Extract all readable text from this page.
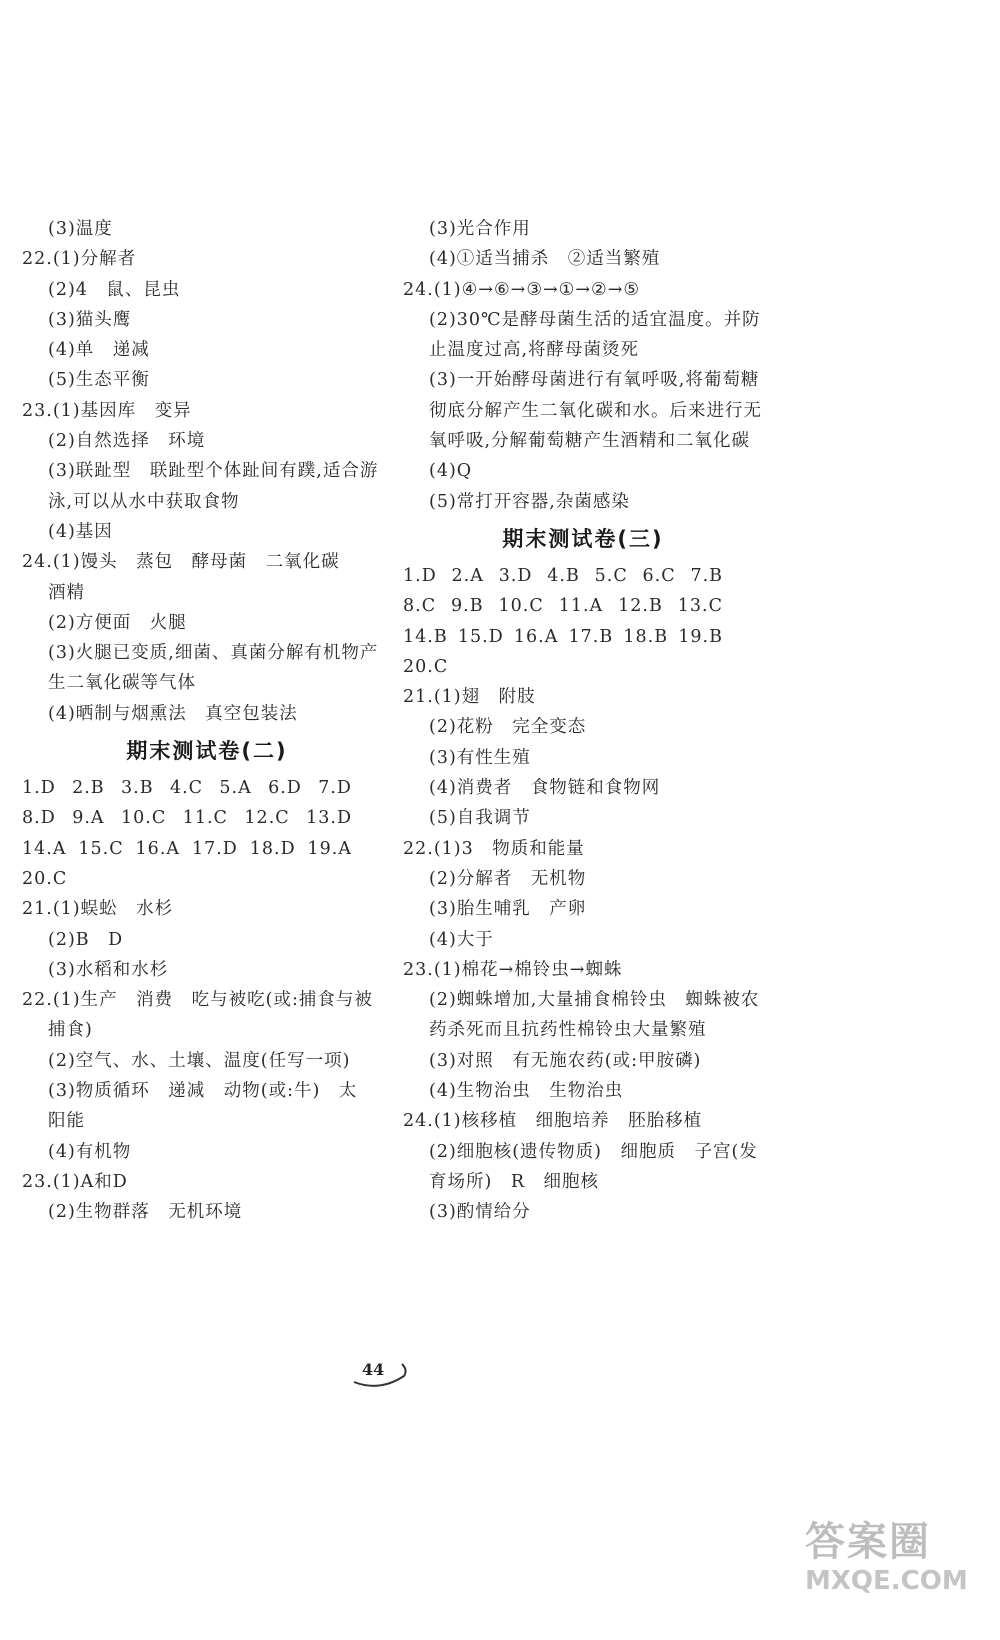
(3)温度
22.(1)分解者
(2)4　鼠、昆虫
(3)猫头鹰
(4)单　递减
(5)生态平衡
23.(1)基因库　变异
(2)自然选择　环境
(3)联趾型　联趾型个体趾间有蹼,适合游
泳,可以从水中获取食物
(4)基因
24.(1)馒头　蒸包　酵母菌　二氧化碳
酒精
(2)方便面　火腿
(3)火腿已变质,细菌、真菌分解有机物产
生二氧化碳等气体
(4)晒制与烟熏法　真空包装法
期末测试卷(二)
1.D 2.B 3.B 4.C 5.A 6.D 7.D
8.D 9.A 10.C 11.C 12.C 13.D
14.A 15.C 16.A 17.D 18.D 19.A
20.C
21.(1)蜈蚣　水杉
(2)B　D
(3)水稻和水杉
22.(1)生产　消费　吃与被吃(或:捕食与被
捕食)
(2)空气、水、土壤、温度(任写一项)
(3)物质循环　递减　动物(或:牛)　太
阳能
(4)有机物
23.(1)A和D
(2)生物群落　无机环境
(3)光合作用
(4)①适当捕杀　②适当繁殖
24.(1)④→⑥→③→①→②→⑤
(2)30℃是酵母菌生活的适宜温度。并防
止温度过高,将酵母菌烫死
(3)一开始酵母菌进行有氧呼吸,将葡萄糖
彻底分解产生二氧化碳和水。后来进行无
氧呼吸,分解葡萄糖产生酒精和二氧化碳
(4)Q
(5)常打开容器,杂菌感染
期末测试卷(三)
1.D 2.A 3.D 4.B 5.C 6.C 7.B
8.C 9.B 10.C 11.A 12.B 13.C
14.B 15.D 16.A 17.B 18.B 19.B
20.C
21.(1)翅　附肢
(2)花粉　完全变态
(3)有性生殖
(4)消费者　食物链和食物网
(5)自我调节
22.(1)3　物质和能量
(2)分解者　无机物
(3)胎生哺乳　产卵
(4)大于
23.(1)棉花→棉铃虫→蜘蛛
(2)蜘蛛增加,大量捕食棉铃虫　蜘蛛被农
药杀死而且抗药性棉铃虫大量繁殖
(3)对照　有无施农药(或:甲胺磷)
(4)生物治虫　生物治虫
24.(1)核移植　细胞培养　胚胎移植
(2)细胞核(遗传物质)　细胞质　子宫(发
育场所)　R　细胞核
(3)酌情给分
44
答案圈
MXQE.COM
